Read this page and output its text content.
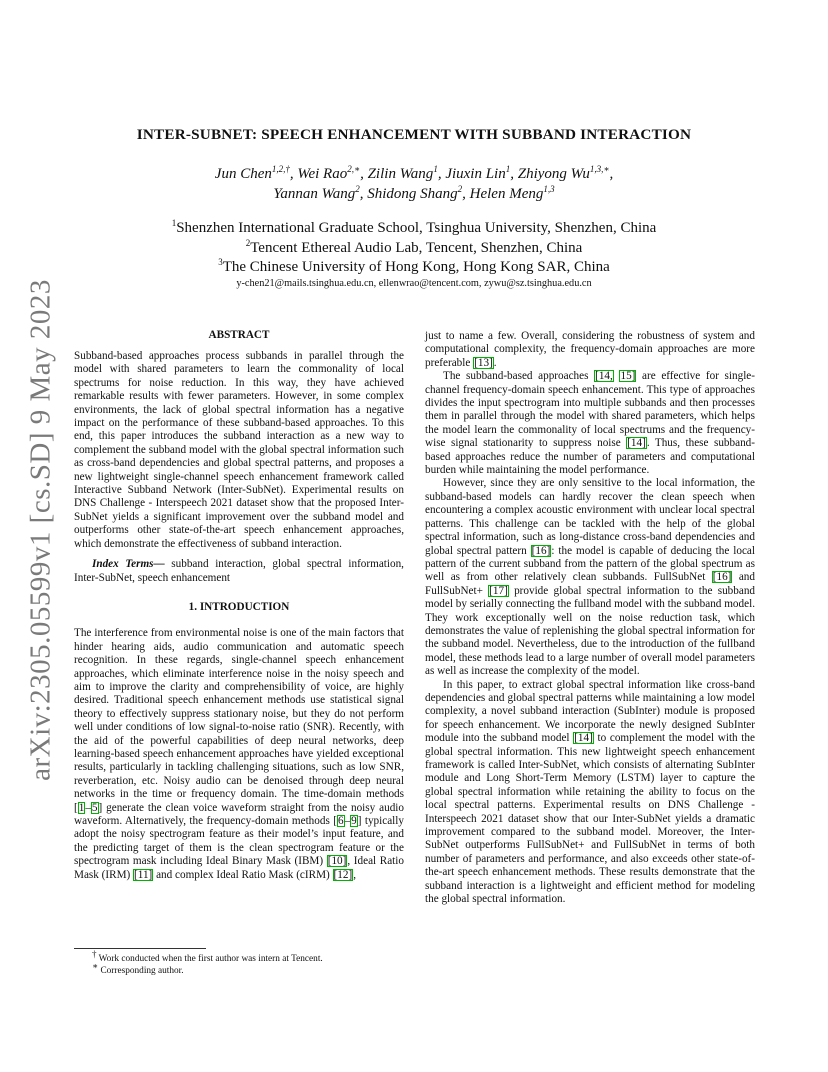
arXiv:2305.05599v1 [cs.SD] 9 May 2023
INTER-SUBNET: SPEECH ENHANCEMENT WITH SUBBAND INTERACTION
Jun Chen$^{1,2,\dagger}$, Wei Rao$^{2,∗}$, Zilin Wang$^1$, Jiuxin Lin$^1$, Zhiyong $Wu^{1,3,∗}$,
Yannan Wang$^2$, Shidong Shang$^2$, Helen Meng$^{1,3}$
$^1$Shenzhen International Graduate School, Tsinghua University, Shenzhen, China
$^2$Tencent Ethereal Audio Lab, Tencent, Shenzhen, China
$^3$The Chinese University of Hong Kong, Hong Kong SAR, China
y-chen21@mails.tsinghua.edu.cn, ellenwrao@tencent.com, zywu@sz.tsinghua.edu.cn
ABSTRACT

Subband-based approaches process subbands in parallel through the model with shared parameters to learn the commonality of local spectrums for noise reduction. In this way, they have achieved remarkable results with fewer parameters. However, in some complex environments, the lack of global spectral information has a negative impact on the performance of these subband-based approaches. To this end, this paper introduces the subband interaction as a new way to complement the subband model with the global spectral information such as cross-band dependencies and global spectral patterns, and proposes a new lightweight single-channel speech enhancement framework called Interactive Subband Network (Inter-SubNet). Experimental results on DNS Challenge - Interspeech 2021 dataset show that the proposed Inter-SubNet yields a significant improvement over the subband model and outperforms other state-of-the-art speech enhancement approaches, which demonstrate the effectiveness of subband interaction.

Index Terms— subband interaction, global spectral information, Inter-SubNet, speech enhancement

1. INTRODUCTION

The interference from environmental noise is one of the main factors that hinder hearing aids, audio communication and automatic speech recognition. In these regards, single-channel speech enhancement approaches, which eliminate interference noise in the noisy speech and aim to improve the clarity and comprehensibility of voice, are highly desired. Traditional speech enhancement methods use statistical signal theory to effectively suppress stationary noise, but they do not perform well under conditions of low signal-to-noise ratio (SNR). Recently, with the aid of the powerful capabilities of deep neural networks, deep learning-based speech enhancement approaches have yielded exceptional results, particularly in tackling challenging situations, such as low SNR, reverberation, etc. Noisy audio can be denoised through deep neural networks in the time or frequency domain. The time-domain methods [1–5] generate the clean voice waveform straight from the noisy audio waveform. Alternatively, the frequency-domain methods [6–9] typically adopt the noisy spectrogram feature as their model’s input feature, and the predicting target of them is the clean spectrogram feature or the spectrogram mask including Ideal Binary Mask (IBM) [10], Ideal Ratio Mask (IRM) [11] and complex Ideal Ratio Mask (cIRM) [12],

just to name a few. Overall, considering the robustness of system and computational complexity, the frequency-domain approaches are more preferable [13].

The subband-based approaches [14, 15] are effective for single-channel frequency-domain speech enhancement. This type of approaches divides the input spectrogram into multiple subbands and then processes them in parallel through the model with shared parameters, which helps the model learn the commonality of local spectrums and the frequency-wise signal stationarity to suppress noise [14]. Thus, these subband-based approaches reduce the number of parameters and computational burden while maintaining the model performance.

However, since they are only sensitive to the local information, the subband-based models can hardly recover the clean speech when encountering a complex acoustic environment with unclear local spectral patterns. This challenge can be tackled with the help of the global spectral information, such as long-distance cross-band dependencies and global spectral pattern [16]: the model is capable of deducing the local pattern of the current subband from the pattern of the global spectrum as well as from other relatively clean subbands. FullSubNet [16] and FullSubNet+ [17] provide global spectral information to the subband model by serially connecting the fullband model with the subband model. They work exceptionally well on the noise reduction task, which demonstrates the value of replenishing the global spectral information for the subband model. Nevertheless, due to the introduction of the fullband model, these methods lead to a large number of overall model parameters as well as increase the complexity of the model.

In this paper, to extract global spectral information like cross-band dependencies and global spectral patterns while maintaining a low model complexity, a novel subband interaction (SubInter) module is proposed for speech enhancement. We incorporate the newly designed SubInter module into the subband model [14] to complement the model with the global spectral information. This new lightweight speech enhancement framework is called Inter-SubNet, which consists of alternating SubInter module and Long Short-Term Memory (LSTM) layer to capture the global spectral information while retaining the ability to focus on the local spectral patterns. Experimental results on DNS Challenge - Interspeech 2021 dataset show that our Inter-SubNet yields a dramatic improvement compared to the subband model. Moreover, the Inter-SubNet outperforms FullSubNet+ and FullSubNet in terms of both number of parameters and performance, and also exceeds other state-of-the-art speech enhancement methods. These results demonstrate that the subband interaction is a lightweight and efficient method for modeling the global spectral information.

† Work conducted when the first author was intern at Tencent.
∗ Corresponding author.
